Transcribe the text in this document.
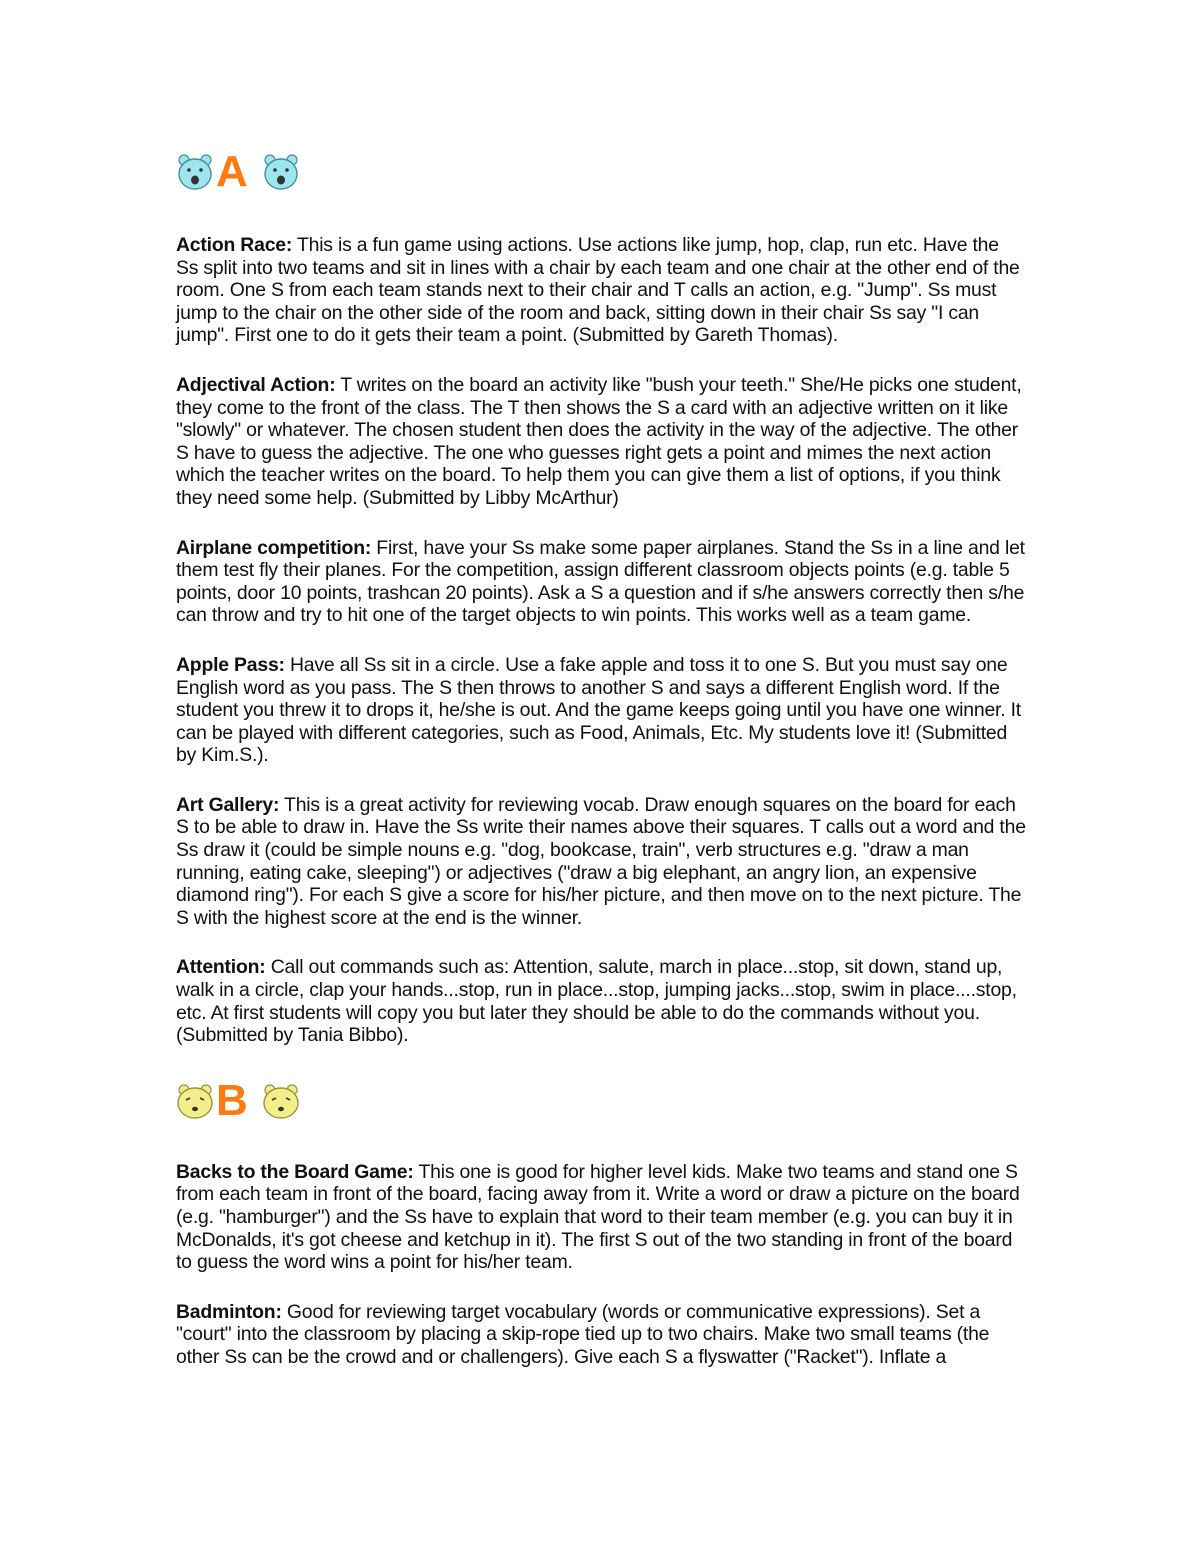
A

Action Race: This is a fun game using actions. Use actions like jump, hop, clap, run etc. Have the Ss split into two teams and sit in lines with a chair by each team and one chair at the other end of the room. One S from each team stands next to their chair and T calls an action, e.g. "Jump". Ss must jump to the chair on the other side of the room and back, sitting down in their chair Ss say "I can jump". First one to do it gets their team a point. (Submitted by Gareth Thomas).

Adjectival Action: T writes on the board an activity like "bush your teeth." She/He picks one student, they come to the front of the class. The T then shows the S a card with an adjective written on it like "slowly" or whatever. The chosen student then does the activity in the way of the adjective. The other S have to guess the adjective. The one who guesses right gets a point and mimes the next action which the teacher writes on the board. To help them you can give them a list of options, if you think they need some help. (Submitted by Libby McArthur)

Airplane competition: First, have your Ss make some paper airplanes. Stand the Ss in a line and let them test fly their planes. For the competition, assign different classroom objects points (e.g. table 5 points, door 10 points, trashcan 20 points). Ask a S a question and if s/he answers correctly then s/he can throw and try to hit one of the target objects to win points. This works well as a team game.

Apple Pass: Have all Ss sit in a circle. Use a fake apple and toss it to one S. But you must say one English word as you pass. The S then throws to another S and says a different English word. If the student you threw it to drops it, he/she is out. And the game keeps going until you have one winner. It can be played with different categories, such as Food, Animals, Etc. My students love it! (Submitted by Kim.S.).

Art Gallery: This is a great activity for reviewing vocab. Draw enough squares on the board for each S to be able to draw in. Have the Ss write their names above their squares. T calls out a word and the Ss draw it (could be simple nouns e.g. "dog, bookcase, train", verb structures e.g. "draw a man running, eating cake, sleeping") or adjectives ("draw a big elephant, an angry lion, an expensive diamond ring"). For each S give a score for his/her picture, and then move on to the next picture. The S with the highest score at the end is the winner.

Attention: Call out commands such as: Attention, salute, march in place...stop, sit down, stand up, walk in a circle, clap your hands...stop, run in place...stop, jumping jacks...stop, swim in place....stop, etc. At first students will copy you but later they should be able to do the commands without you. (Submitted by Tania Bibbo).

B

Backs to the Board Game: This one is good for higher level kids. Make two teams and stand one S from each team in front of the board, facing away from it. Write a word or draw a picture on the board (e.g. "hamburger") and the Ss have to explain that word to their team member (e.g. you can buy it in McDonalds, it's got cheese and ketchup in it). The first S out of the two standing in front of the board to guess the word wins a point for his/her team.

Badminton: Good for reviewing target vocabulary (words or communicative expressions). Set a "court" into the classroom by placing a skip-rope tied up to two chairs. Make two small teams (the other Ss can be the crowd and or challengers). Give each S a flyswatter ("Racket"). Inflate a
